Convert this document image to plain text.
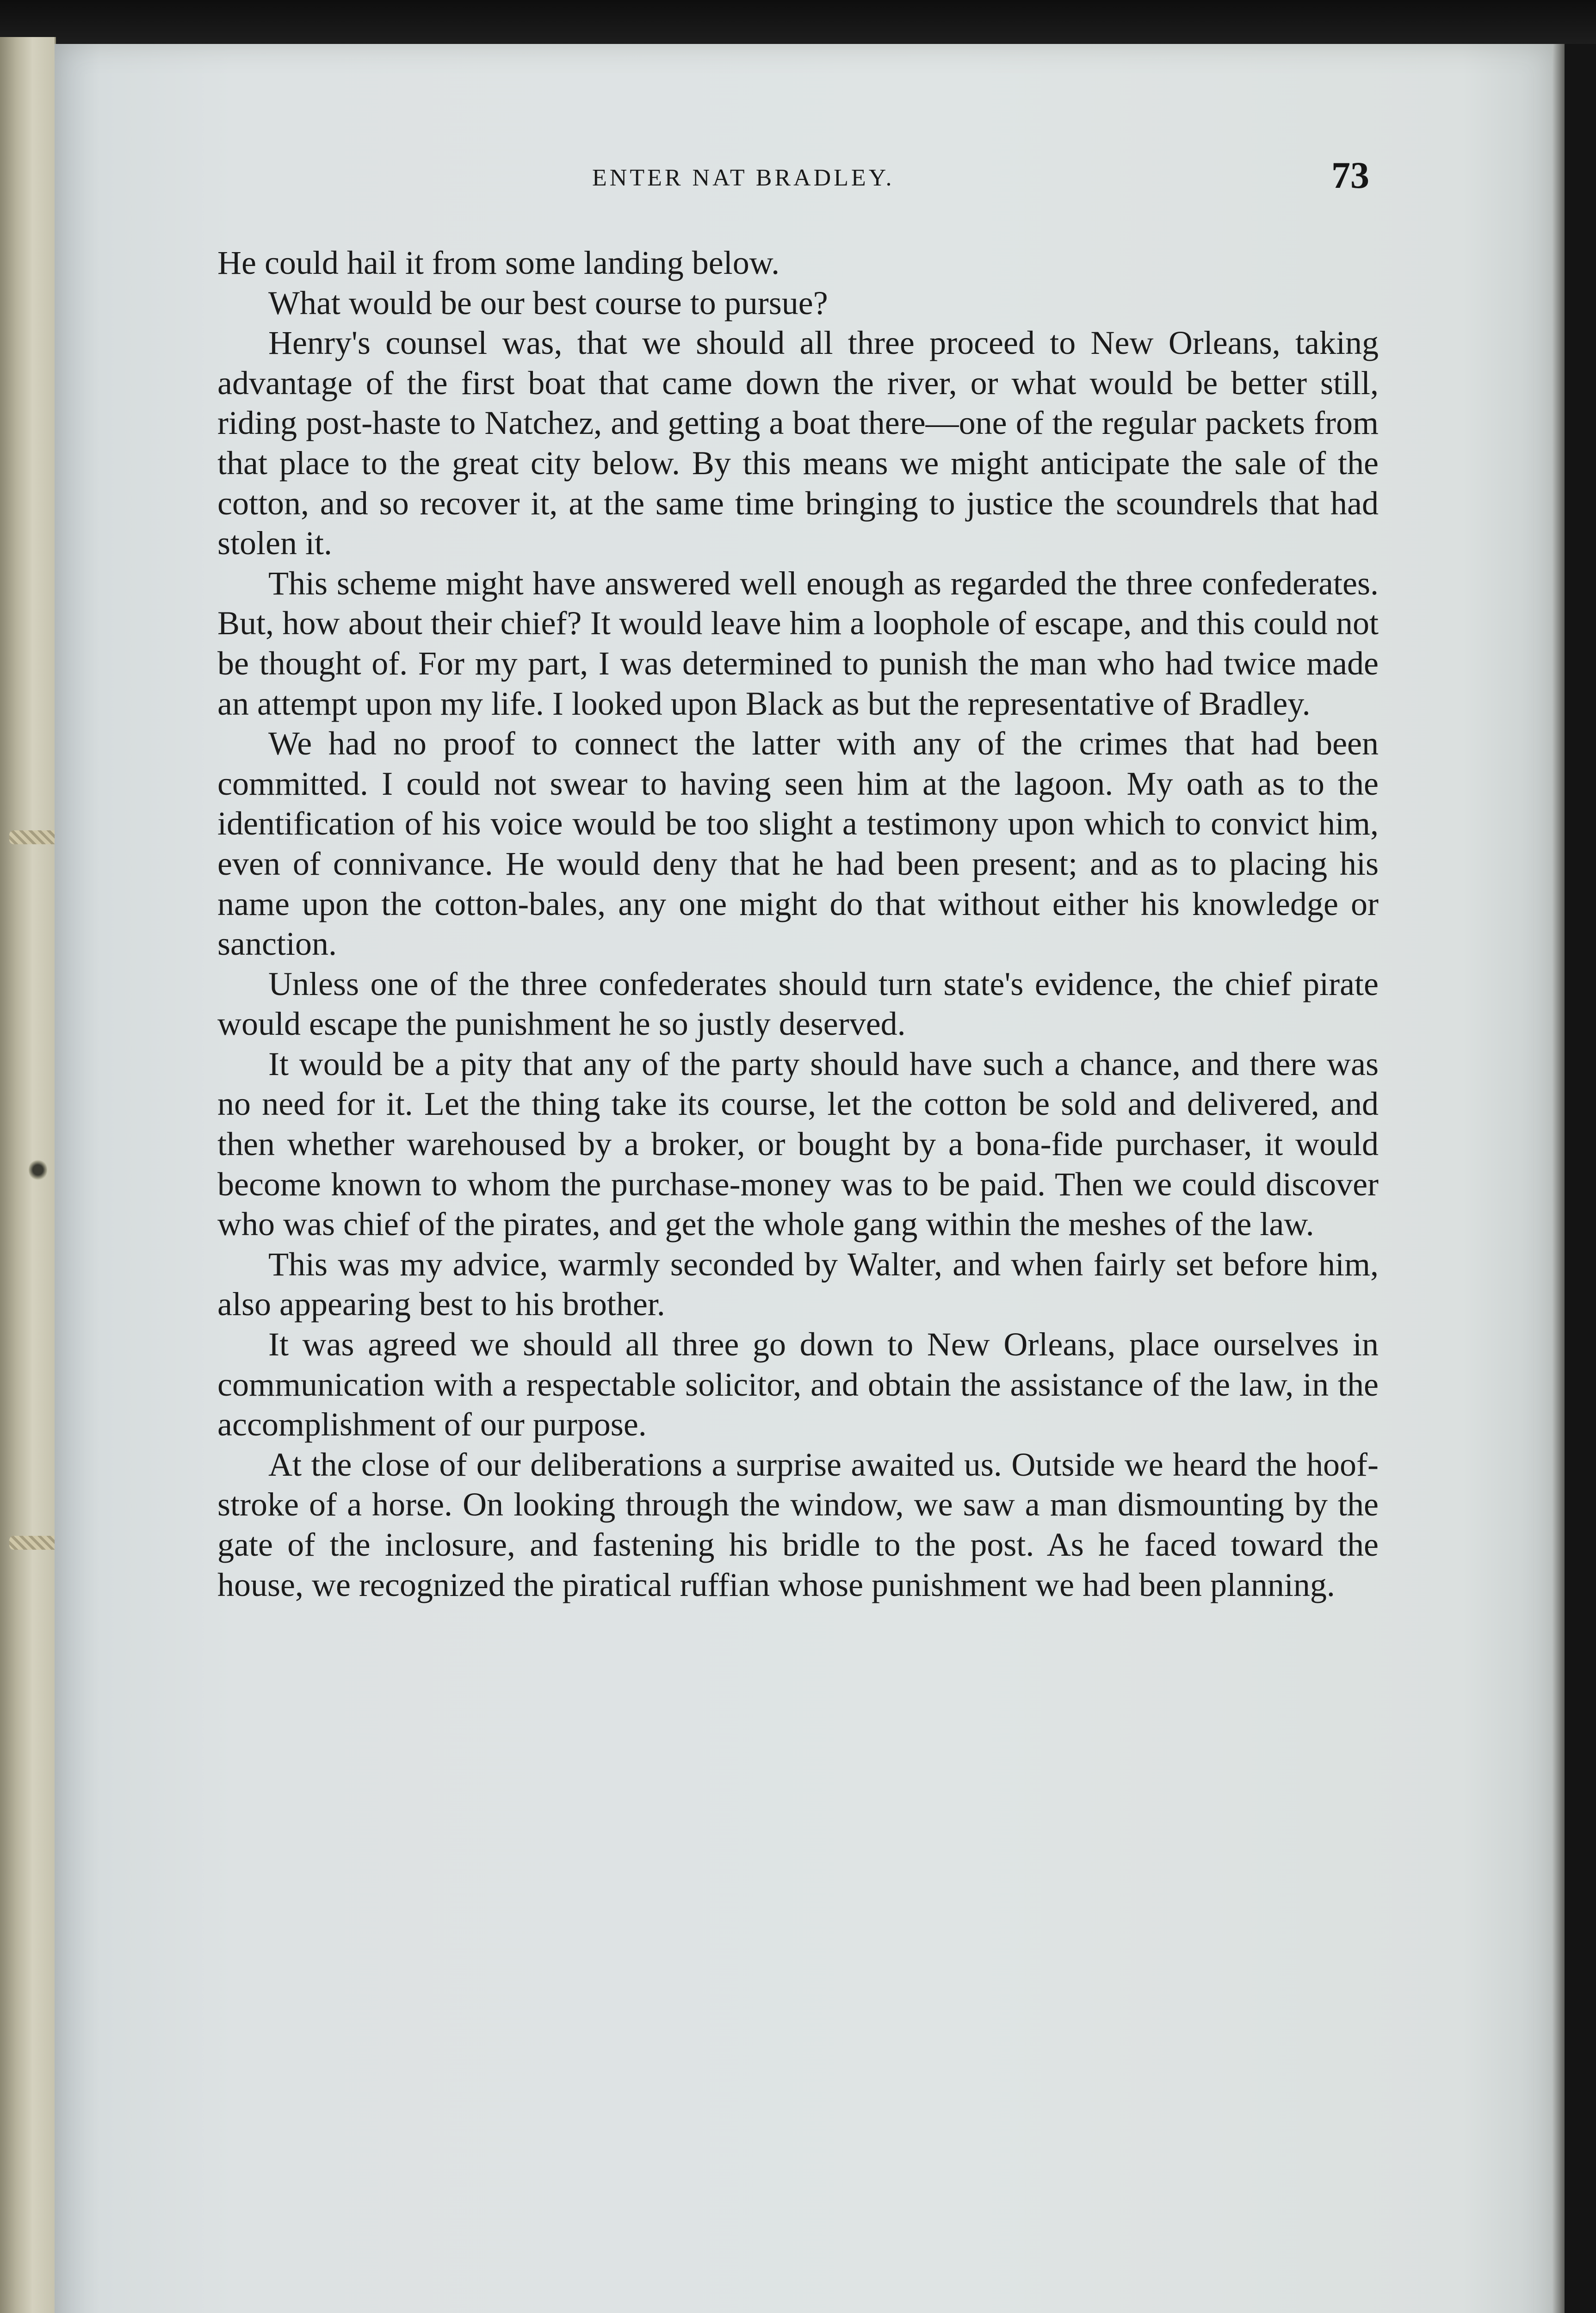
ENTER NAT BRADLEY.	73

He could hail it from some landing below.

What would be our best course to pursue?

Henry's counsel was, that we should all three proceed to New Orleans, taking advantage of the first boat that came down the river, or what would be better still, riding post-haste to Natchez, and getting a boat there—one of the regular packets from that place to the great city below. By this means we might anticipate the sale of the cotton, and so recover it, at the same time bringing to justice the scoundrels that had stolen it.

This scheme might have answered well enough as regarded the three confederates. But, how about their chief? It would leave him a loophole of escape, and this could not be thought of. For my part, I was determined to punish the man who had twice made an attempt upon my life. I looked upon Black as but the representative of Bradley.

We had no proof to connect the latter with any of the crimes that had been committed. I could not swear to having seen him at the lagoon. My oath as to the identification of his voice would be too slight a testimony upon which to convict him, even of connivance. He would deny that he had been present; and as to placing his name upon the cotton-bales, any one might do that without either his knowledge or sanction.

Unless one of the three confederates should turn state's evidence, the chief pirate would escape the punishment he so justly deserved.

It would be a pity that any of the party should have such a chance, and there was no need for it. Let the thing take its course, let the cotton be sold and delivered, and then whether warehoused by a broker, or bought by a bona-fide purchaser, it would become known to whom the purchase-money was to be paid. Then we could discover who was chief of the pirates, and get the whole gang within the meshes of the law.

This was my advice, warmly seconded by Walter, and when fairly set before him, also appearing best to his brother.

It was agreed we should all three go down to New Orleans, place ourselves in communication with a respectable solicitor, and obtain the assistance of the law, in the accomplishment of our purpose.

At the close of our deliberations a surprise awaited us. Outside we heard the hoof-stroke of a horse. On looking through the window, we saw a man dismounting by the gate of the inclosure, and fastening his bridle to the post. As he faced toward the house, we recognized the piratical ruffian whose punishment we had been planning.
